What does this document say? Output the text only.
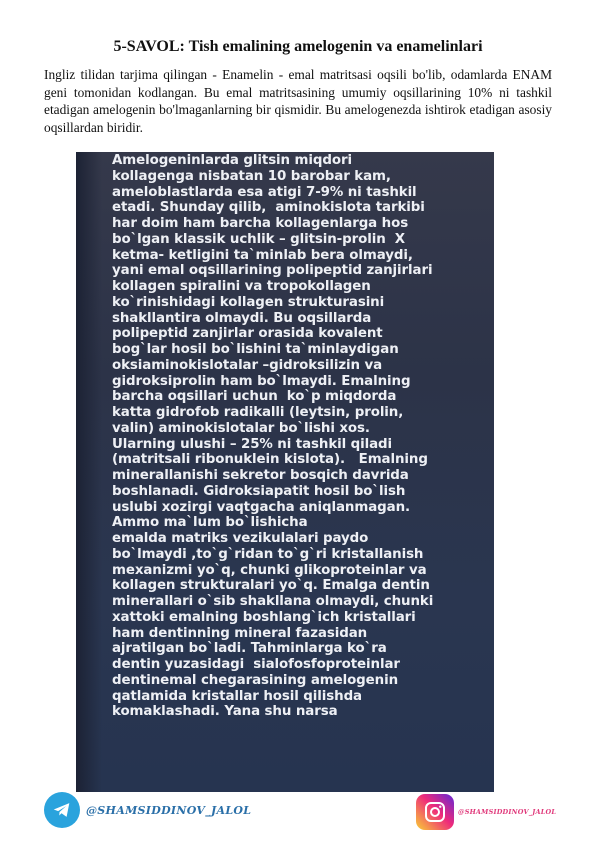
5-SAVOL: Tish emalining amelogenin va enamelinlari

Ingliz tilidan tarjima qilingan - Enamelin - emal matritsasi oqsili bo'lib, odamlarda ENAM geni tomonidan kodlangan. Bu emal matritsasining umumiy oqsillarining 10% ni tashkil etadigan amelogenin bo'lmaganlarning bir qismidir. Bu amelogenezda ishtirok etadigan asosiy oqsillardan biridir.

Amelogeninlarda glitsin miqdori
kollagenga nisbatan 10 barobar kam,
ameloblastlarda esa atigi 7-9% ni tashkil
etadi. Shunday qilib,  aminokislota tarkibi
har doim ham barcha kollagenlarga hos
bo`lgan klassik uchlik – glitsin-prolin  X
ketma- ketligini ta`minlab bera olmaydi,
yani emal oqsillarining polipeptid zanjirlari
kollagen spiralini va tropokollagen
ko`rinishidagi kollagen strukturasini
shakllantira olmaydi. Bu oqsillarda
polipeptid zanjirlar orasida kovalent
bog`lar hosil bo`lishini ta`minlaydigan
oksiaminokislotalar –gidroksilizin va
gidroksiprolin ham bo`lmaydi. Emalning
barcha oqsillari uchun  ko`p miqdorda
katta gidrofob radikalli (leytsin, prolin,
valin) aminokislotalar bo`lishi xos.
Ularning ulushi – 25% ni tashkil qiladi
(matritsali ribonuklein kislota).   Emalning
minerallanishi sekretor bosqich davrida
boshlanadi. Gidroksiapatit hosil bo`lish
uslubi xozirgi vaqtgacha aniqlanmagan.
Ammo ma`lum bo`lishicha
emalda matriks vezikulalari paydo
bo`lmaydi ,to`g`ridan to`g`ri kristallanish
mexanizmi yo`q, chunki glikoproteinlar va
kollagen strukturalari yo`q. Emalga dentin
minerallari o`sib shakllana olmaydi, chunki
xattoki emalning boshlang`ich kristallari
ham dentinning mineral fazasidan
ajratilgan bo`ladi. Tahminlarga ko`ra
dentin yuzasidagi  sialofosfoproteinlar
dentinemal chegarasining amelogenin
qatlamida kristallar hosil qilishda
komaklashadi. Yana shu narsa

@SHAMSIDDINOV_JALOL	@SHAMSIDDINOV_JALOL
